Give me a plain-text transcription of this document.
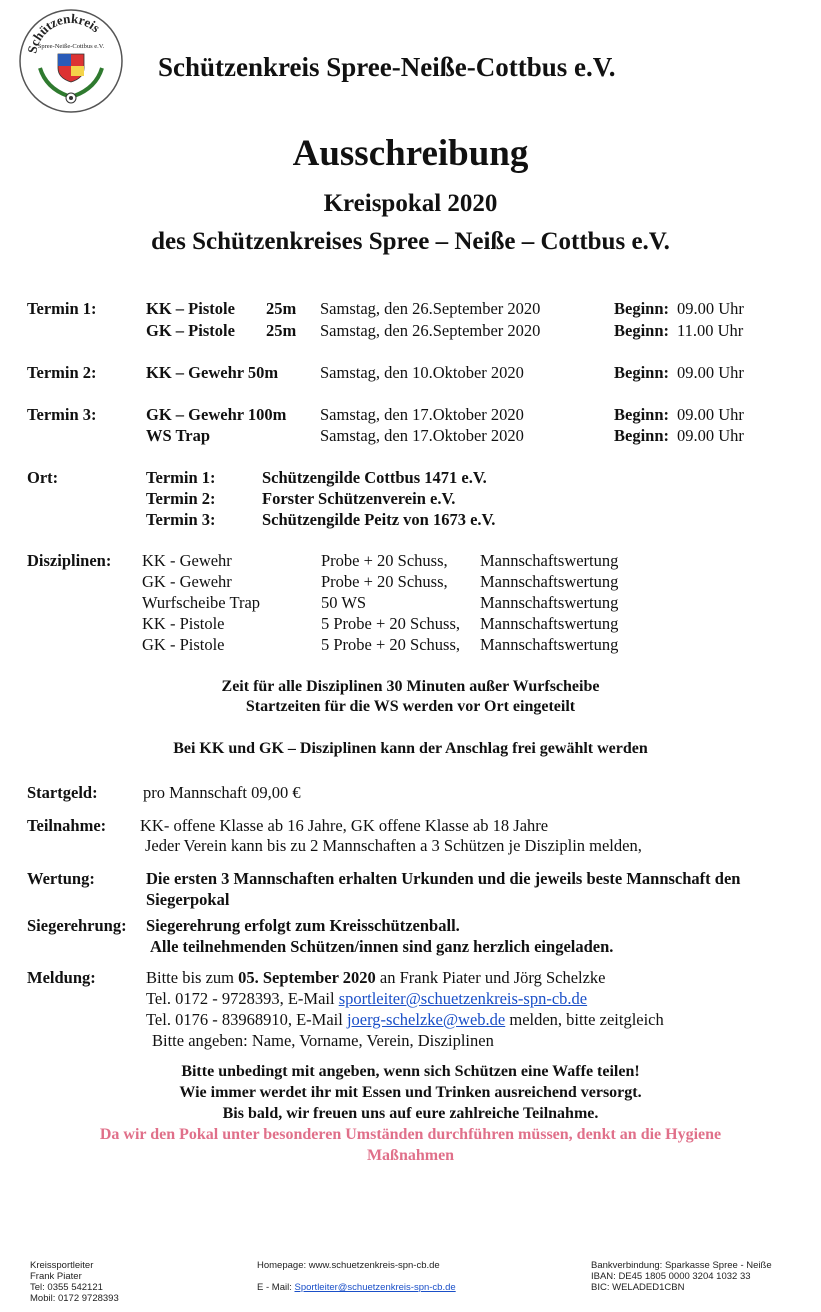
Schützenkreis
Spree-Neiße-Cottbus e.V.
Schützenkreis Spree-Neiße-Cottbus e.V.
Ausschreibung
Kreispokal 2020
des Schützenkreises Spree – Neiße – Cottbus e.V.
Termin 1:	KK – Pistole 25m Samstag, den 26.September 2020	Beginn: 09.00 Uhr
GK – Pistole 25m Samstag, den 26.September 2020	Beginn: 11.00 Uhr
Termin 2:	KK – Gewehr 50m	Samstag, den 10.Oktober 2020	Beginn: 09.00 Uhr
Termin 3:	GK – Gewehr 100m Samstag, den 17.Oktober 2020	Beginn: 09.00 Uhr
WS Trap	Samstag, den 17.Oktober 2020	Beginn: 09.00 Uhr
Ort:	Termin 1:	Schützengilde Cottbus 1471 e.V.
Termin 2:	Forster Schützenverein e.V.
Termin 3:	Schützengilde Peitz von 1673 e.V.
Disziplinen: KK - Gewehr	Probe + 20 Schuss, Mannschaftswertung
GK - Gewehr	Probe + 20 Schuss, Mannschaftswertung
Wurfscheibe Trap	50 WS	Mannschaftswertung
KK - Pistole	5 Probe + 20 Schuss, Mannschaftswertung
GK - Pistole	5 Probe + 20 Schuss, Mannschaftswertung
Zeit für alle Disziplinen 30 Minuten außer Wurfscheibe
Startzeiten für die WS werden vor Ort eingeteilt
Bei KK und GK – Disziplinen kann der Anschlag frei gewählt werden
Startgeld:	pro Mannschaft 09,00 €
Teilnahme: KK- offene Klasse ab 16 Jahre, GK offene Klasse ab 18 Jahre
Jeder Verein kann bis zu 2 Mannschaften a 3 Schützen je Disziplin melden,
Wertung:	Die ersten 3 Mannschaften erhalten Urkunden und die jeweils beste Mannschaft den
Siegerpokal
Siegerehrung: Siegerehrung erfolgt zum Kreisschützenball.
Alle teilnehmenden Schützen/innen sind ganz herzlich eingeladen.
Meldung:	Bitte bis zum 05. September 2020 an Frank Piater und Jörg Schelzke
Tel. 0172 - 9728393, E-Mail sportleiter@schuetzenkreis-spn-cb.de
Tel. 0176 - 83968910, E-Mail joerg-schelzke@web.de melden, bitte zeitgleich
Bitte angeben: Name, Vorname, Verein, Disziplinen
Bitte unbedingt mit angeben, wenn sich Schützen eine Waffe teilen!
Wie immer werdet ihr mit Essen und Trinken ausreichend versorgt.
Bis bald, wir freuen uns auf eure zahlreiche Teilnahme.
Da wir den Pokal unter besonderen Umständen durchführen müssen, denkt an die Hygiene
Maßnahmen
Kreissportleiter
Frank Piater
Tel: 0355 542121
Mobil: 0172 9728393
Homepage: www.schuetzenkreis-spn-cb.de
E - Mail: Sportleiter@schuetzenkreis-spn-cb.de
Bankverbindung: Sparkasse Spree - Neiße
IBAN: DE45 1805 0000 3204 1032 33
BIC: WELADED1CBN
